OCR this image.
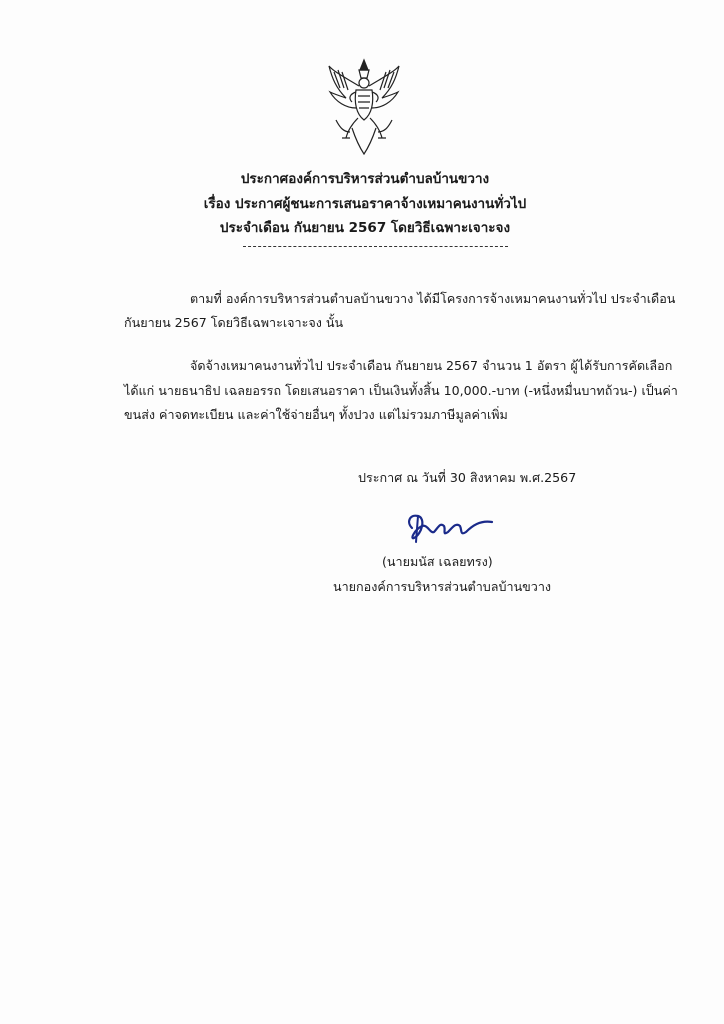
ประกาศองค์การบริหารส่วนตำบลบ้านขวาง
เรื่อง ประกาศผู้ชนะการเสนอราคาจ้างเหมาคนงานทั่วไป
ประจำเดือน กันยายน 2567 โดยวิธีเฉพาะเจาะจง
ตามที่ องค์การบริหารส่วนตำบลบ้านขวาง ได้มีโครงการจ้างเหมาคนงานทั่วไป ประจำเดือน
กันยายน 2567 โดยวิธีเฉพาะเจาะจง นั้น
จัดจ้างเหมาคนงานทั่วไป ประจำเดือน กันยายน 2567 จำนวน 1 อัตรา ผู้ได้รับการคัดเลือก
ได้แก่ นายธนาธิป เฉลยอรรถ โดยเสนอราคา เป็นเงินทั้งสิ้น 10,000.-บาท (-หนึ่งหมื่นบาทถ้วน-) เป็นค่า
ขนส่ง ค่าจดทะเบียน และค่าใช้จ่ายอื่นๆ ทั้งปวง แต่ไม่รวมภาษีมูลค่าเพิ่ม
ประกาศ ณ วันที่ 30 สิงหาคม พ.ศ.2567
(นายมนัส เฉลยทรง)
นายกองค์การบริหารส่วนตำบลบ้านขวาง
